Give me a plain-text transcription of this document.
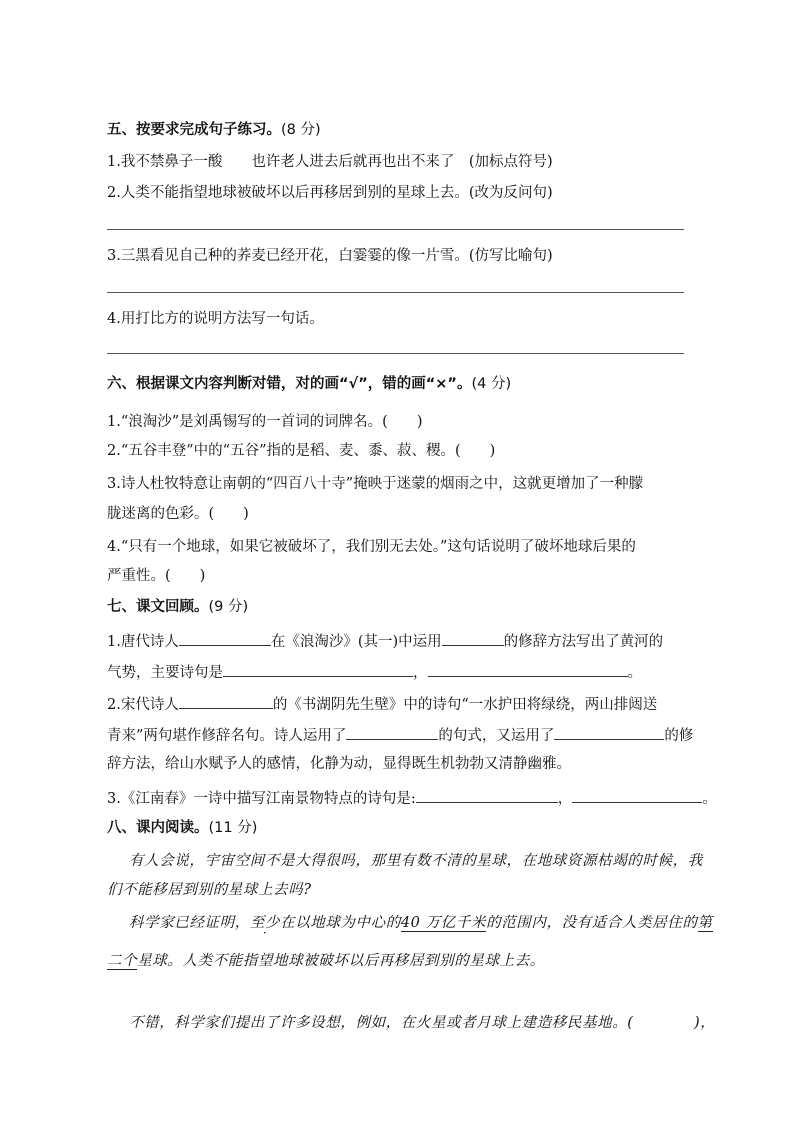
五、按要求完成句子练习。(8 分)
1.我不禁鼻子一酸　　也许老人进去后就再也出不来了　(加标点符号)
2.人类不能指望地球被破坏以后再移居到别的星球上去。(改为反问句)
3.三黑看见自己种的荞麦已经开花，白霎霎的像一片雪。(仿写比喻句)
4.用打比方的说明方法写一句话。
六、根据课文内容判断对错，对的画“√”，错的画“×”。(4 分)
1.“浪淘沙”是刘禹锡写的一首词的词牌名。(　　)
2.“五谷丰登”中的“五谷”指的是稻、麦、黍、菽、稷。(　　)
3.诗人杜牧特意让南朝的“四百八十寺”掩映于迷蒙的烟雨之中，这就更增加了一种朦
胧迷离的色彩。(　　)
4.“只有一个地球，如果它被破坏了，我们别无去处。”这句话说明了破坏地球后果的
严重性。(　　)
七、课文回顾。(9 分)
1.唐代诗人	在《浪淘沙》(其一)中运用	的修辞方法写出了黄河的
气势，主要诗句是	，	。
2.宋代诗人	的《书湖阴先生壁》中的诗句“一水护田将绿绕，两山排闼送
青来”两句堪作修辞名句。诗人运用了	的句式，又运用了	的修
辞方法，给山水赋予人的感情，化静为动，显得既生机勃勃又清静幽雅。
3.《江南春》一诗中描写江南景物特点的诗句是:	，	。
八、课内阅读。(11 分)
有人会说，宇宙空间不是大得很吗，那里有数不清的星球，在地球资源枯竭的时候，我
们不能移居到别的星球上去吗?
科学家已经证明，至少在以地球为中心的40 万亿千米的范围内，没有适合人类居住的第
二个星球。人类不能指望地球被破坏以后再移居到别的星球上去。
不错，科学家们提出了许多设想，例如，在火星或者月球上建造移民基地。(　　　　)，
